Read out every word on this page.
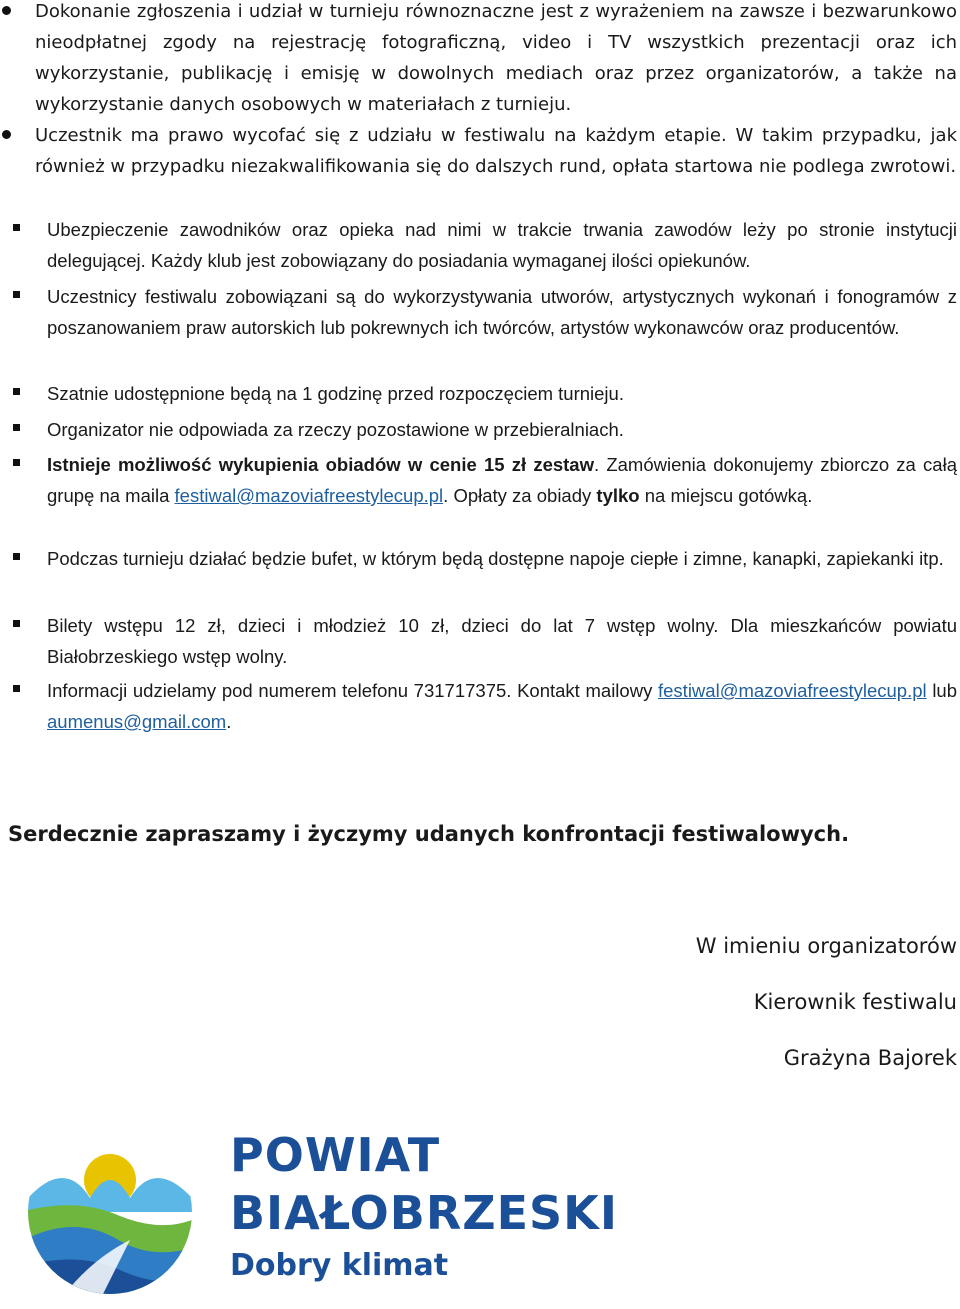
Dokonanie zgłoszenia i udział w turnieju równoznaczne jest z wyrażeniem na zawsze i bezwarunkowo nieodpłatnej zgody na rejestrację fotograficzną, video i TV wszystkich prezentacji oraz ich wykorzystanie, publikację i emisję w dowolnych mediach oraz przez organizatorów, a także na wykorzystanie danych osobowych w materiałach z turnieju.
Uczestnik ma prawo wycofać się z udziału w festiwalu na każdym etapie. W takim przypadku, jak również w przypadku niezakwalifikowania się do dalszych rund, opłata startowa nie podlega zwrotowi.
Ubezpieczenie zawodników oraz opieka nad nimi w trakcie trwania zawodów leży po stronie instytucji delegującej. Każdy klub jest zobowiązany do posiadania wymaganej ilości opiekunów.
Uczestnicy festiwalu zobowiązani są do wykorzystywania utworów, artystycznych wykonań i fonogramów z poszanowaniem praw autorskich lub pokrewnych ich twórców, artystów wykonawców oraz producentów.
Szatnie udostępnione będą na 1 godzinę przed rozpoczęciem turnieju.
Organizator nie odpowiada za rzeczy pozostawione w przebieralniach.
Istnieje możliwość wykupienia obiadów w cenie 15 zł zestaw. Zamówienia dokonujemy zbiorczo za całą grupę na maila festiwal@mazoviafreestylecup.pl. Opłaty za obiady tylko na miejscu gotówką.
Podczas turnieju działać będzie bufet, w którym będą dostępne napoje ciepłe i zimne, kanapki, zapiekanki itp.
Bilety wstępu 12 zł, dzieci i młodzież 10 zł, dzieci do lat 7 wstęp wolny. Dla mieszkańców powiatu Białobrzeskiego wstęp wolny.
Informacji udzielamy pod numerem telefonu 731717375. Kontakt mailowy festiwal@mazoviafreestylecup.pl lub aumenus@gmail.com.
Serdecznie zapraszamy i życzymy udanych konfrontacji festiwalowych.
W imieniu organizatorów
Kierownik festiwalu
Grażyna Bajorek
POWIAT
BIAŁOBRZESKI
Dobry klimat
